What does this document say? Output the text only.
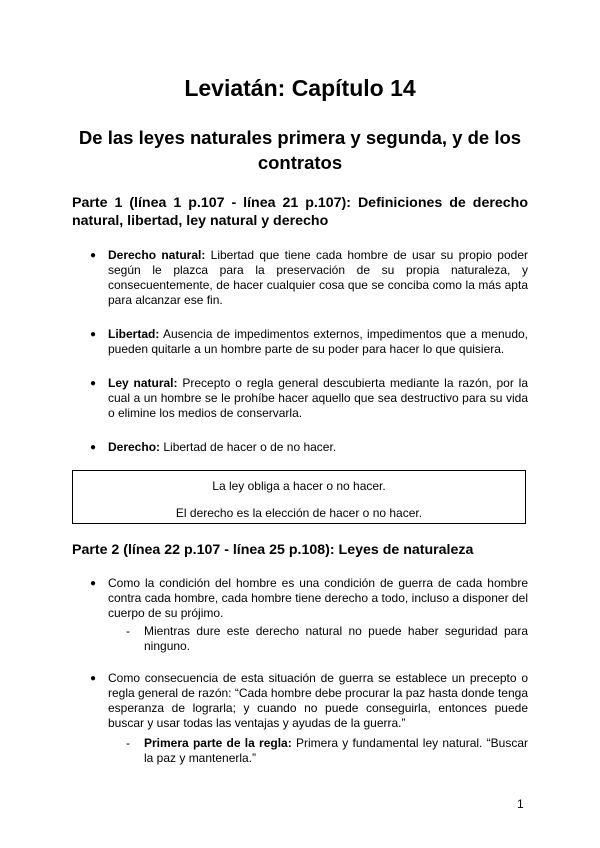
Leviatán: Capítulo 14
De las leyes naturales primera y segunda, y de los contratos
Parte 1 (línea 1 p.107 - línea 21 p.107): Definiciones de derecho natural, libertad, ley natural y derecho
● Derecho natural: Libertad que tiene cada hombre de usar su propio poder según le plazca para la preservación de su propia naturaleza, y consecuentemente, de hacer cualquier cosa que se conciba como la más apta para alcanzar ese fin.
● Libertad: Ausencia de impedimentos externos, impedimentos que a menudo, pueden quitarle a un hombre parte de su poder para hacer lo que quisiera.
● Ley natural: Precepto o regla general descubierta mediante la razón, por la cual a un hombre se le prohíbe hacer aquello que sea destructivo para su vida o elimine los medios de conservarla.
● Derecho: Libertad de hacer o de no hacer.
La ley obliga a hacer o no hacer.
El derecho es la elección de hacer o no hacer.
Parte 2 (línea 22 p.107 - línea 25 p.108): Leyes de naturaleza
● Como la condición del hombre es una condición de guerra de cada hombre contra cada hombre, cada hombre tiene derecho a todo, incluso a disponer del cuerpo de su prójimo.
- Mientras dure este derecho natural no puede haber seguridad para ninguno.
● Como consecuencia de esta situación de guerra se establece un precepto o regla general de razón: “Cada hombre debe procurar la paz hasta donde tenga esperanza de lograrla; y cuando no puede conseguirla, entonces puede buscar y usar todas las ventajas y ayudas de la guerra.”
- Primera parte de la regla: Primera y fundamental ley natural. “Buscar la paz y mantenerla.”
1
